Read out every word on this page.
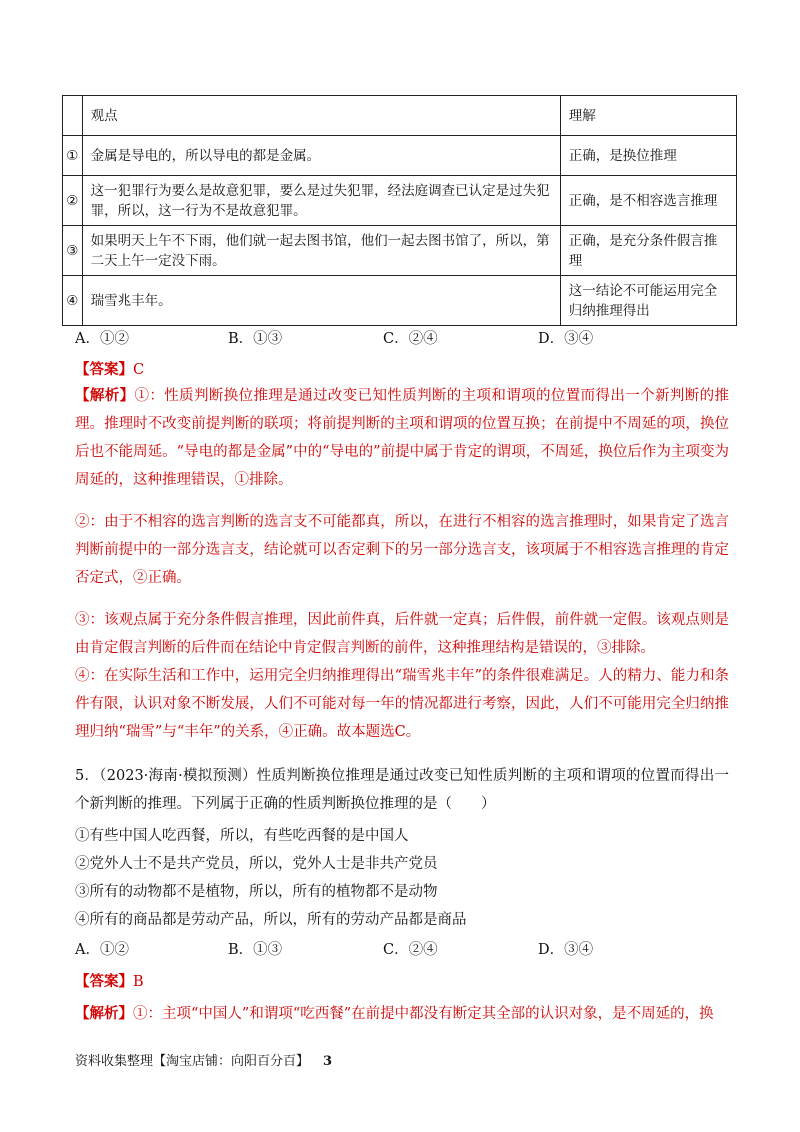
	观点	理解
①	金属是导电的，所以导电的都是金属。	正确，是换位推理
②	这一犯罪行为要么是故意犯罪，要么是过失犯罪，经法庭调查已认定是过失犯罪，所以，这一行为不是故意犯罪。	正确，是不相容选言推理
③	如果明天上午不下雨，他们就一起去图书馆，他们一起去图书馆了，所以，第二天上午一定没下雨。	正确，是充分条件假言推理
④	瑞雪兆丰年。	这一结论不可能运用完全归纳推理得出
A．①②	B．①③	C．②④	D．③④
【答案】C
【解析】①：性质判断换位推理是通过改变已知性质判断的主项和谓项的位置而得出一个新判断的推理。推理时不改变前提判断的联项；将前提判断的主项和谓项的位置互换；在前提中不周延的项，换位后也不能周延。“导电的都是金属”中的“导电的”前提中属于肯定的谓项，不周延，换位后作为主项变为周延的，这种推理错误，①排除。
②：由于不相容的选言判断的选言支不可能都真，所以，在进行不相容的选言推理时，如果肯定了选言判断前提中的一部分选言支，结论就可以否定剩下的另一部分选言支，该项属于不相容选言推理的肯定否定式，②正确。
③：该观点属于充分条件假言推理，因此前件真，后件就一定真；后件假，前件就一定假。该观点则是由肯定假言判断的后件而在结论中肯定假言判断的前件，这种推理结构是错误的，③排除。
④：在实际生活和工作中，运用完全归纳推理得出“瑞雪兆丰年”的条件很难满足。人的精力、能力和条件有限，认识对象不断发展，人们不可能对每一年的情况都进行考察，因此，人们不可能用完全归纳推理归纳“瑞雪”与“丰年”的关系，④正确。故本题选C。
5．（2023·海南·模拟预测）性质判断换位推理是通过改变已知性质判断的主项和谓项的位置而得出一个新判断的推理。下列属于正确的性质判断换位推理的是（　　）
①有些中国人吃西餐，所以，有些吃西餐的是中国人
②党外人士不是共产党员，所以，党外人士是非共产党员
③所有的动物都不是植物，所以，所有的植物都不是动物
④所有的商品都是劳动产品，所以，所有的劳动产品都是商品
A．①②	B．①③	C．②④	D．③④
【答案】B
【解析】①：主项“中国人”和谓项“吃西餐”在前提中都没有断定其全部的认识对象，是不周延的，换
资料收集整理【淘宝店铺：向阳百分百】 3
